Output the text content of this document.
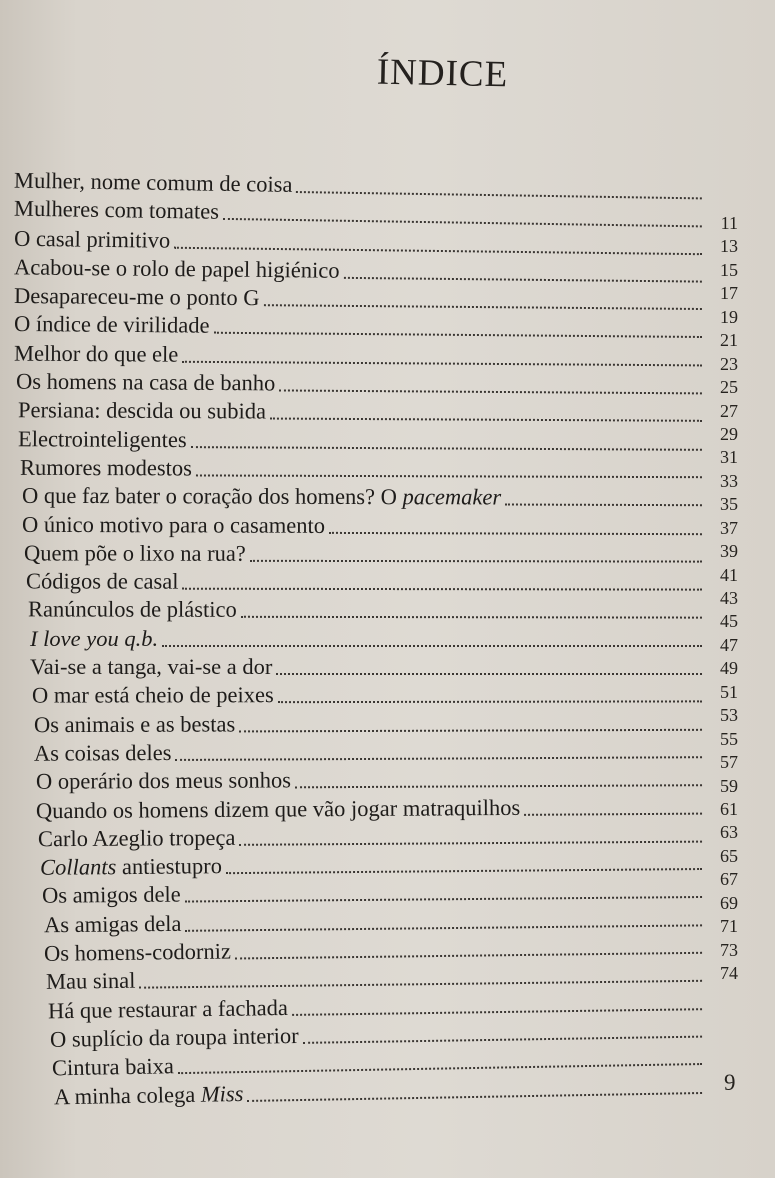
ÍNDICE
Mulher, nome comum de coisa
Mulheres com tomates
O casal primitivo
Acabou-se o rolo de papel higiénico
Desapareceu-me o ponto G
O índice de virilidade
Melhor do que ele
Os homens na casa de banho
Persiana: descida ou subida
Electrointeligentes
Rumores modestos
O que faz bater o coração dos homens? O pacemaker
O único motivo para o casamento
Quem põe o lixo na rua?
Códigos de casal
Ranúnculos de plástico
I love you q.b.
Vai-se a tanga, vai-se a dor
O mar está cheio de peixes
Os animais e as bestas
As coisas deles
O operário dos meus sonhos
Quando os homens dizem que vão jogar matraquilhos
Carlo Azeglio tropeça
Collants antiestupro
Os amigos dele
As amigas dela
Os homens-codorniz
Mau sinal
Há que restaurar a fachada
O suplício da roupa interior
Cintura baixa
A minha colega Miss
11
13
15
17
19
21
23
25
27
29
31
33
35
37
39
41
43
45
47
49
51
53
55
57
59
61
63
65
67
69
71
73
74
9
